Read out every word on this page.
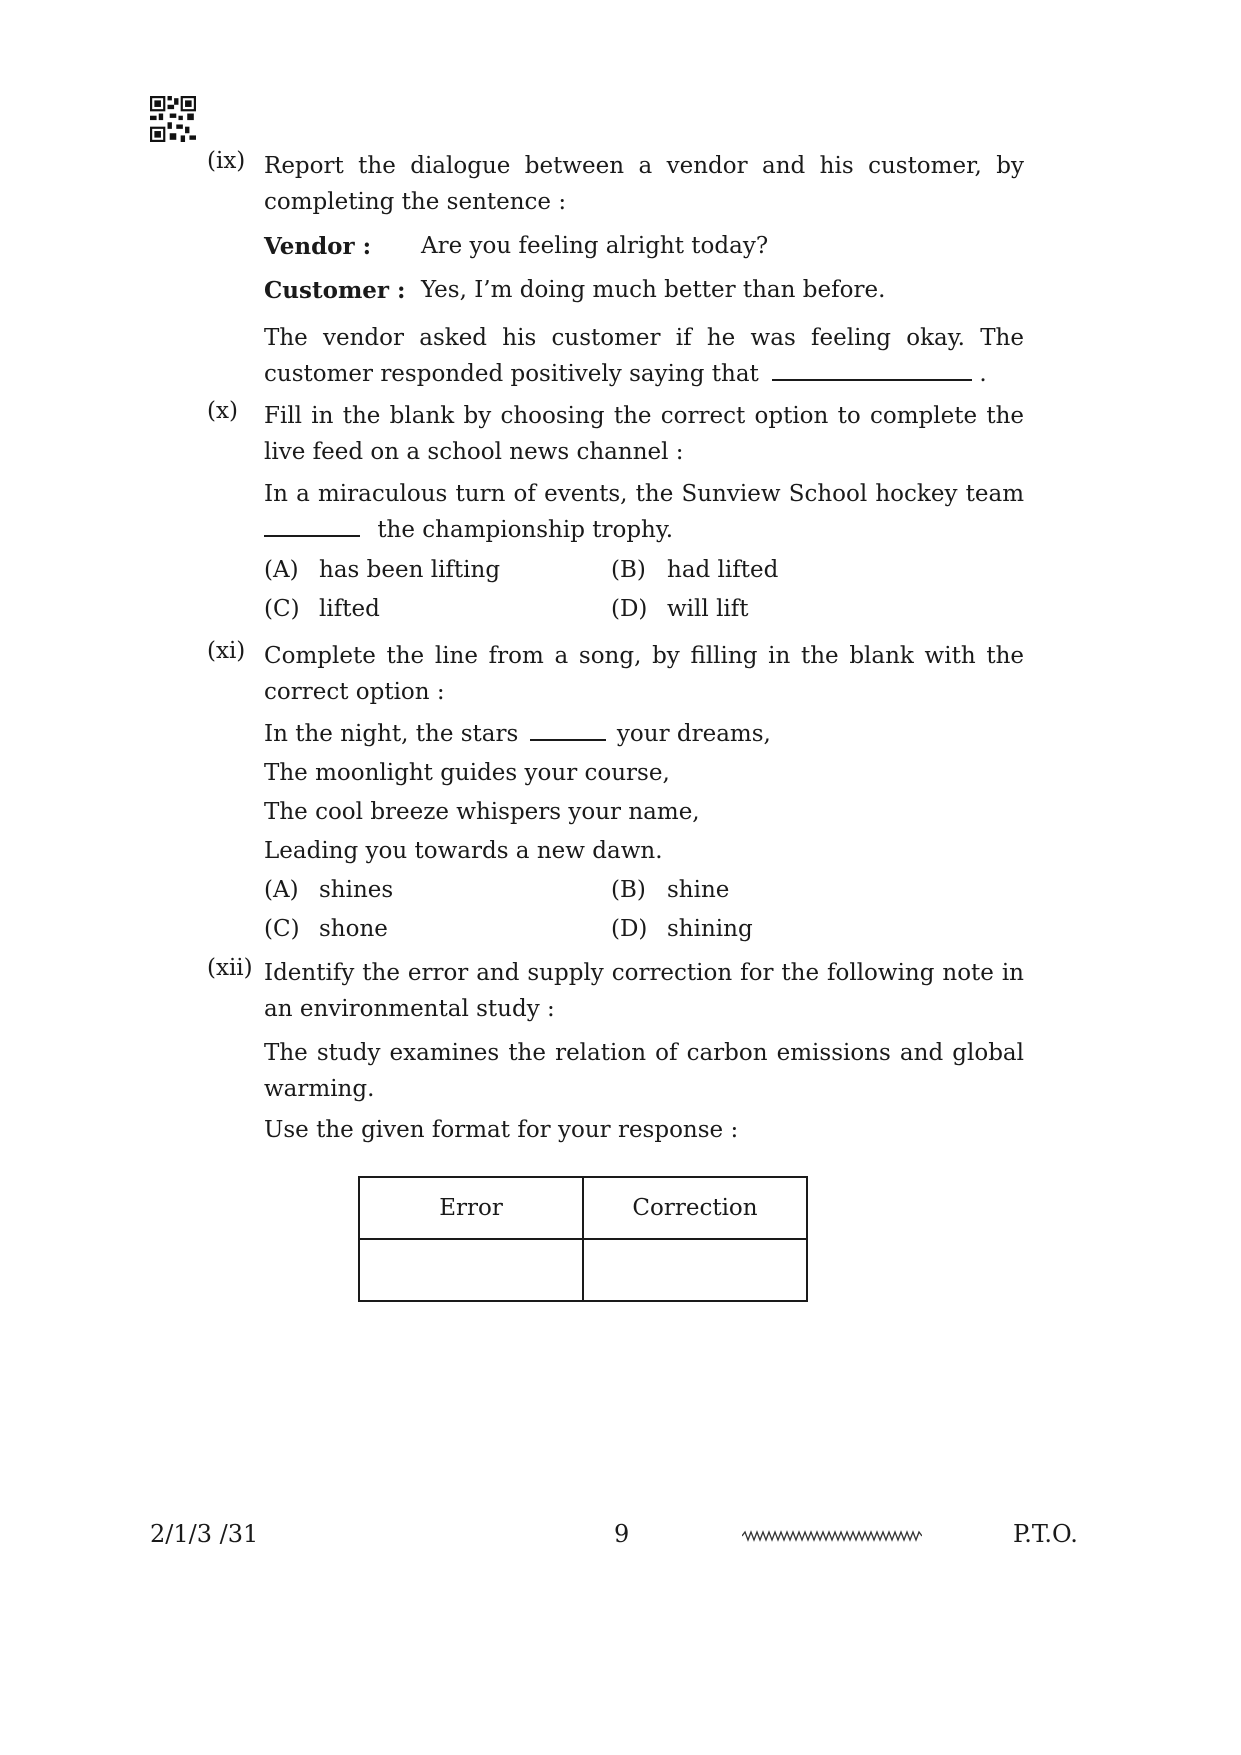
(ix) Report the dialogue between a vendor and his customer, by
completing the sentence :
Vendor : Are you feeling alright today?
Customer : Yes, I’m doing much better than before.
The vendor asked his customer if he was feeling okay. The
customer responded positively saying that	.
(x) Fill in the blank by choosing the correct option to complete the
live feed on a school news channel :
In a miraculous turn of events, the Sunview School hockey team
the championship trophy.
(A) has been lifting	(B) had lifted
(C) lifted	(D) will lift
(xi) Complete the line from a song, by filling in the blank with the
correct option :
In the night, the stars	your dreams,
The moonlight guides your course,
The cool breeze whispers your name,
Leading you towards a new dawn.
(A) shines	(B) shine
(C) shone	(D) shining
(xii) Identify the error and supply correction for the following note in
an environmental study :
The study examines the relation of carbon emissions and global
warming.
Use the given format for your response :
Error	Correction

2/1/3 /31	9	P.T.O.
